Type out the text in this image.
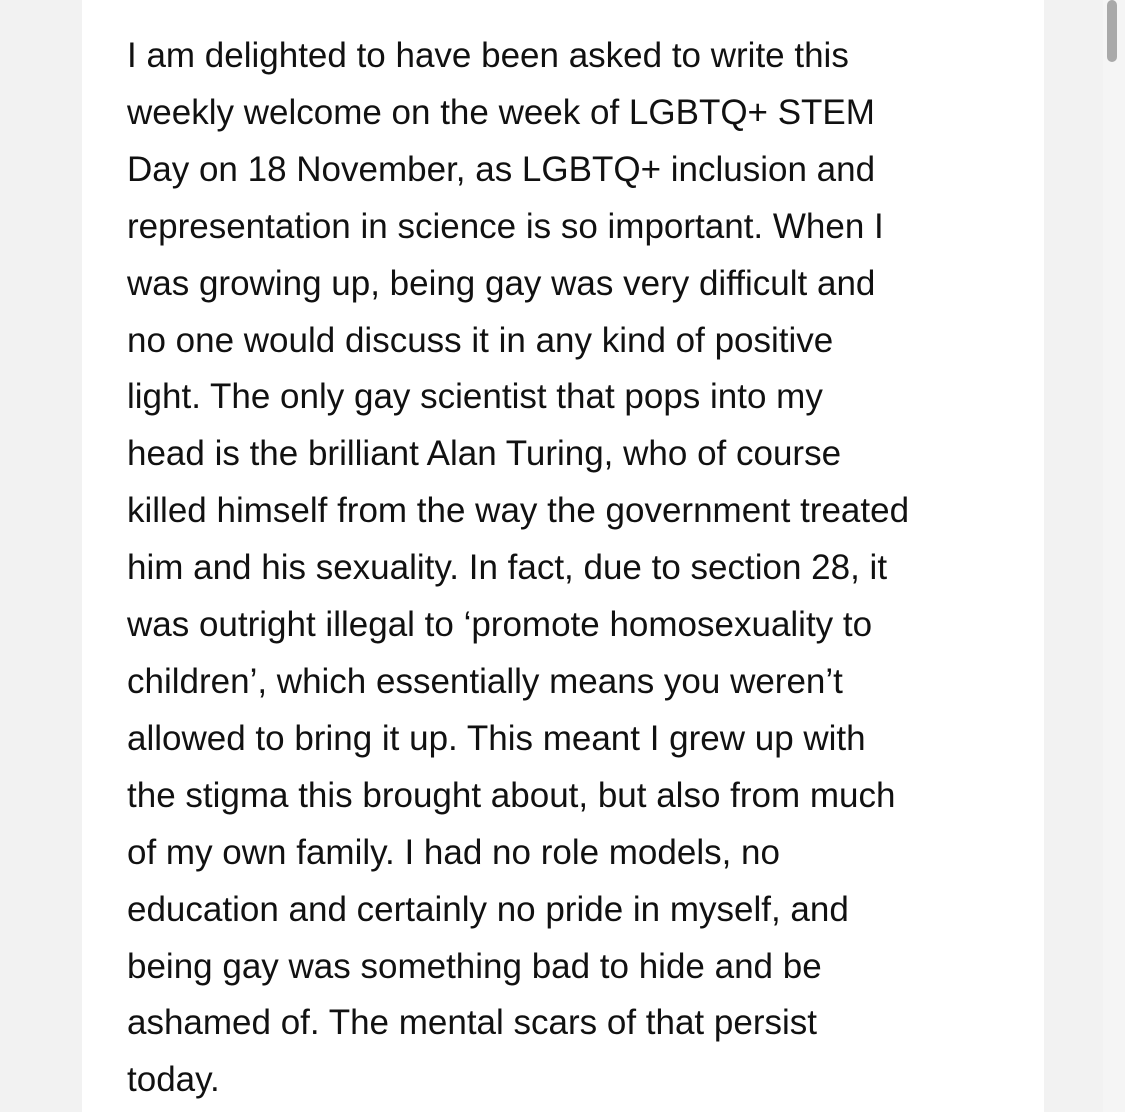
I am delighted to have been asked to write this
weekly welcome on the week of LGBTQ+ STEM
Day on 18 November, as LGBTQ+ inclusion and
representation in science is so important. When I
was growing up, being gay was very difficult and
no one would discuss it in any kind of positive
light. The only gay scientist that pops into my
head is the brilliant Alan Turing, who of course
killed himself from the way the government treated
him and his sexuality. In fact, due to section 28, it
was outright illegal to ‘promote homosexuality to
children’, which essentially means you weren’t
allowed to bring it up. This meant I grew up with
the stigma this brought about, but also from much
of my own family. I had no role models, no
education and certainly no pride in myself, and
being gay was something bad to hide and be
ashamed of. The mental scars of that persist
today.
